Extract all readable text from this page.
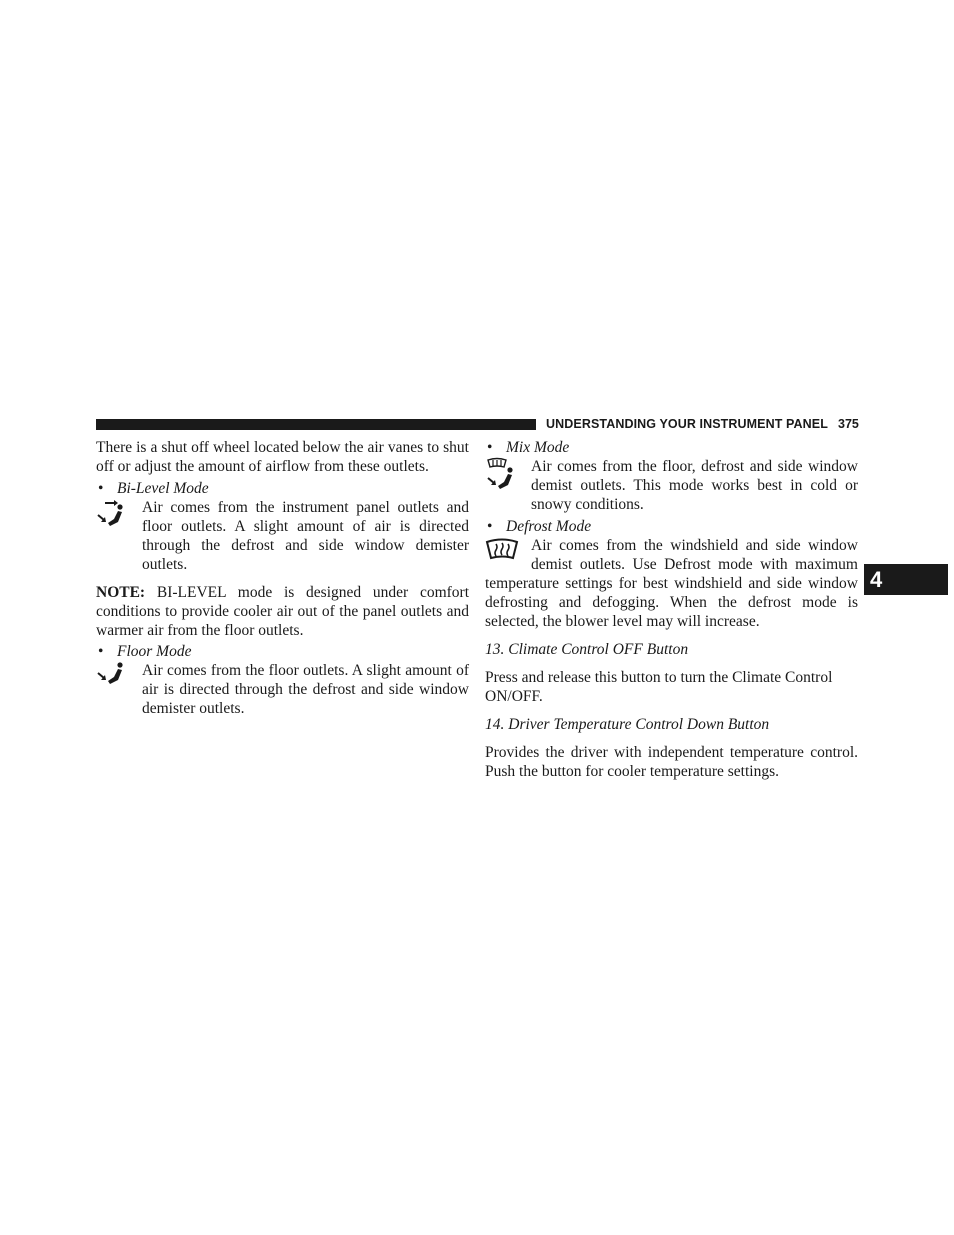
UNDERSTANDING YOUR INSTRUMENT PANEL 375
4

There is a shut off wheel located below the air vanes to shut off or adjust the amount of airflow from these outlets.

• Bi-Level Mode
Air comes from the instrument panel outlets and floor outlets. A slight amount of air is directed through the defrost and side window demister outlets.

NOTE: BI-LEVEL mode is designed under comfort conditions to provide cooler air out of the panel outlets and warmer air from the floor outlets.

• Floor Mode
Air comes from the floor outlets. A slight amount of air is directed through the defrost and side window demister outlets.
• Mix Mode
Air comes from the floor, defrost and side window demist outlets. This mode works best in cold or snowy conditions.
• Defrost Mode

Air comes from the windshield and side window demist outlets. Use Defrost mode with maximum temperature settings for best windshield and side window defrosting and defogging. When the defrost mode is selected, the blower level may will increase.

13. Climate Control OFF Button

Press and release this button to turn the Climate Control ON/OFF.

14. Driver Temperature Control Down Button

Provides the driver with independent temperature control. Push the button for cooler temperature settings.
